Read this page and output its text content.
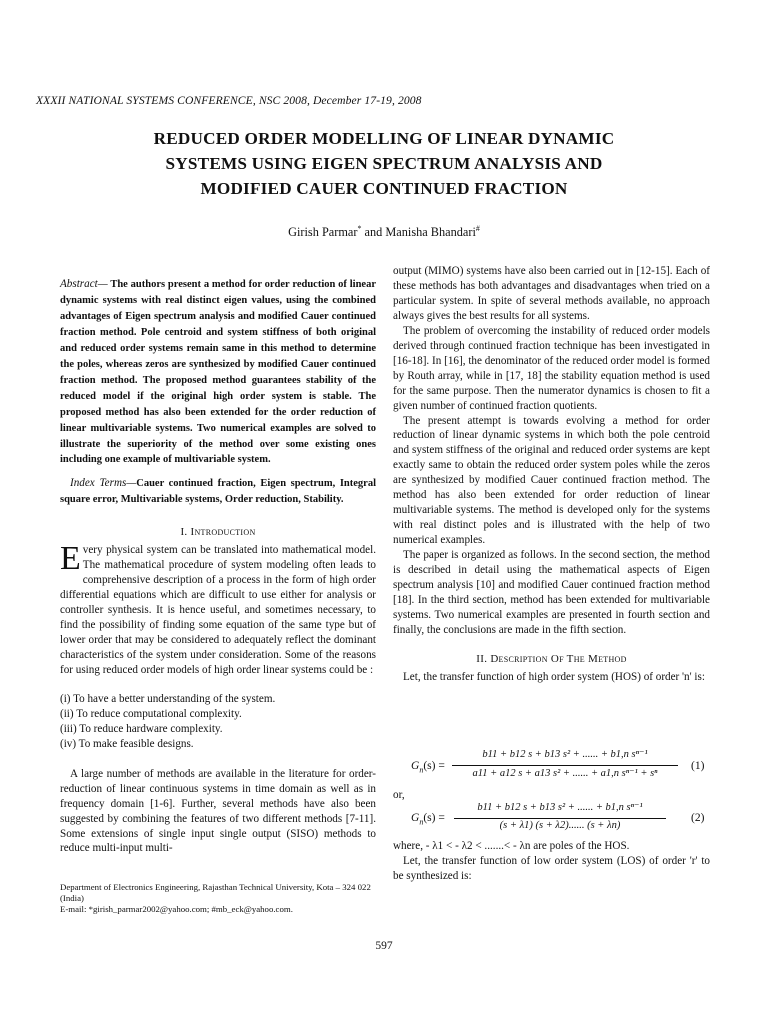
XXXII NATIONAL SYSTEMS CONFERENCE, NSC 2008, December 17-19, 2008
REDUCED ORDER MODELLING OF LINEAR DYNAMIC
SYSTEMS USING EIGEN SPECTRUM ANALYSIS AND
MODIFIED CAUER CONTINUED FRACTION
Girish Parmar* and Manisha Bhandari#

Abstract— The authors present a method for order reduction of linear dynamic systems with real distinct eigen values, using the combined advantages of Eigen spectrum analysis and modified Cauer continued fraction method. Pole centroid and system stiffness of both original and reduced order systems remain same in this method to determine the poles, whereas zeros are synthesized by modified Cauer continued fraction method. The proposed method guarantees stability of the reduced model if the original high order system is stable. The proposed method has also been extended for the order reduction of linear multivariable systems. Two numerical examples are solved to illustrate the superiority of the method over some existing ones including one example of multivariable system.

Index Terms—Cauer continued fraction, Eigen spectrum, Integral square error, Multivariable systems, Order reduction, Stability.

I. Introduction

Every physical system can be translated into mathematical model. The mathematical procedure of system modeling often leads to comprehensive description of a process in the form of high order differential equations which are difficult to use either for analysis or controller synthesis. It is hence useful, and sometimes necessary, to find the possibility of finding some equation of the same type but of lower order that may be considered to adequately reflect the dominant characteristics of the system under consideration. Some of the reasons for using reduced order models of high order linear systems could be :

(i) To have a better understanding of the system.

(ii) To reduce computational complexity.

(iii) To reduce hardware complexity.

(iv) To make feasible designs.

A large number of methods are available in the literature for order-reduction of linear continuous systems in time domain as well as in frequency domain [1-6]. Further, several methods have also been suggested by combining the features of two different methods [7-11]. Some extensions of single input single output (SISO) methods to reduce multi-input multi-

output (MIMO) systems have also been carried out in [12-15]. Each of these methods has both advantages and disadvantages when tried on a particular system. In spite of several methods available, no approach always gives the best results for all systems.

The problem of overcoming the instability of reduced order models derived through continued fraction technique has been investigated in [16-18]. In [16], the denominator of the reduced order model is formed by Routh array, while in [17, 18] the stability equation method is used for the same purpose. Then the numerator dynamics is chosen to fit a given number of continued fraction quotients.

The present attempt is towards evolving a method for order reduction of linear dynamic systems in which both the pole centroid and system stiffness of the original and reduced order systems are kept exactly same to obtain the reduced order system poles while the zeros are synthesized by modified Cauer continued fraction method. The method has also been extended for order reduction of linear multivariable systems. The method is developed only for the systems with real distinct poles and is illustrated with the help of two numerical examples.

The paper is organized as follows. In the second section, the method is described in detail using the mathematical aspects of Eigen spectrum analysis [10] and modified Cauer continued fraction method [18]. In the third section, method has been extended for multivariable systems. Two numerical examples are presented in fourth section and finally, the conclusions are made in the fifth section.

II. Description Of The Method

Let, the transfer function of high order system (HOS) of order 'n' is:

$G_n(s)$ =
b11 + b12 s + b13 s² + ...... + b1,n sⁿ⁻¹
a11 + a12 s + a13 s² + ...... + a1,n sⁿ⁻¹ + sⁿ
(1)
or,
$G_n(s)$ =
b11 + b12 s + b13 s² + ...... + b1,n sⁿ⁻¹
(s + λ1) (s + λ2)...... (s + λn)
(2)

where, - λ1 < - λ2 < .......< - λn are poles of the HOS.

Let, the transfer function of low order system (LOS) of order 'r' to be synthesized is:

Department of Electronics Engineering, Rajasthan Technical University, Kota – 324 022 (India)
E-mail: *girish_parmar2002@yahoo.com; #mb_eck@yahoo.com.
597
